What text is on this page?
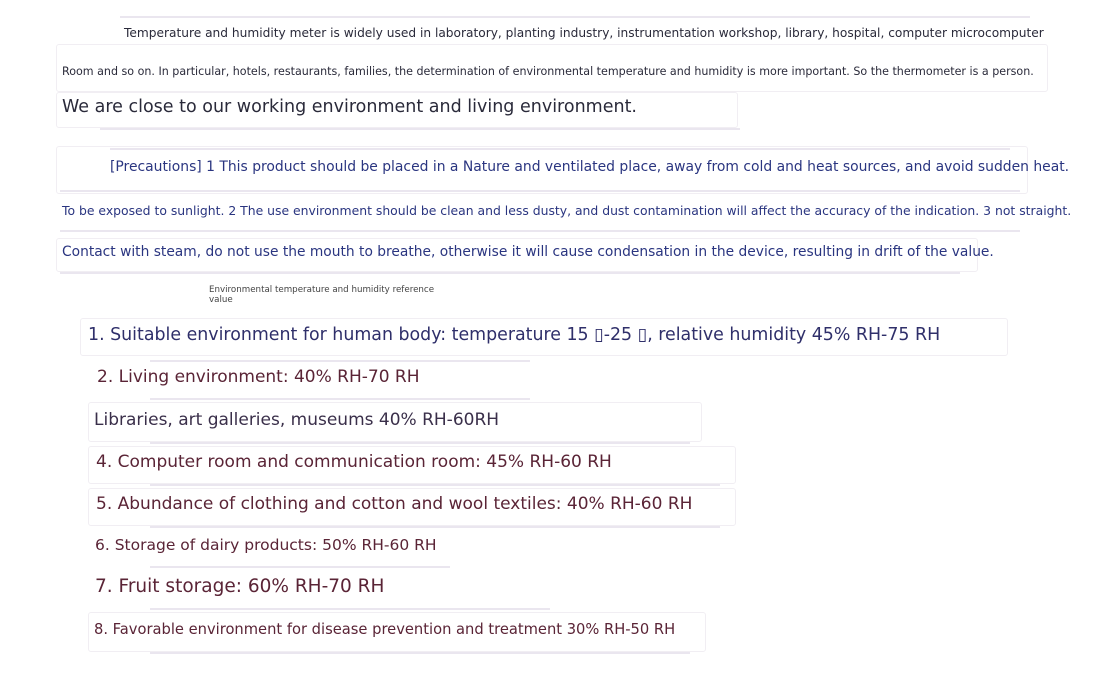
Temperature and humidity meter is widely used in laboratory, planting industry, instrumentation workshop, library, hospital, computer microcomputer

Room and so on. In particular, hotels, restaurants, families, the determination of environmental temperature and humidity is more important. So the thermometer is a person.

We are close to our working environment and living environment.

[Precautions] 1 This product should be placed in a Nature and ventilated place, away from cold and heat sources, and avoid sudden heat.

To be exposed to sunlight. 2 The use environment should be clean and less dusty, and dust contamination will affect the accuracy of the indication. 3 not straight.

Contact with steam, do not use the mouth to breathe, otherwise it will cause condensation in the device, resulting in drift of the value.

Environmental temperature and humidity reference

value

1. Suitable environment for human body: temperature 15 ▯-25 ▯, relative humidity 45% RH-75 RH

2. Living environment: 40% RH-70 RH

Libraries, art galleries, museums 40% RH-60RH

4. Computer room and communication room: 45% RH-60 RH

5. Abundance of clothing and cotton and wool textiles: 40% RH-60 RH

6. Storage of dairy products: 50% RH-60 RH

7. Fruit storage: 60% RH-70 RH

8. Favorable environment for disease prevention and treatment 30% RH-50 RH
